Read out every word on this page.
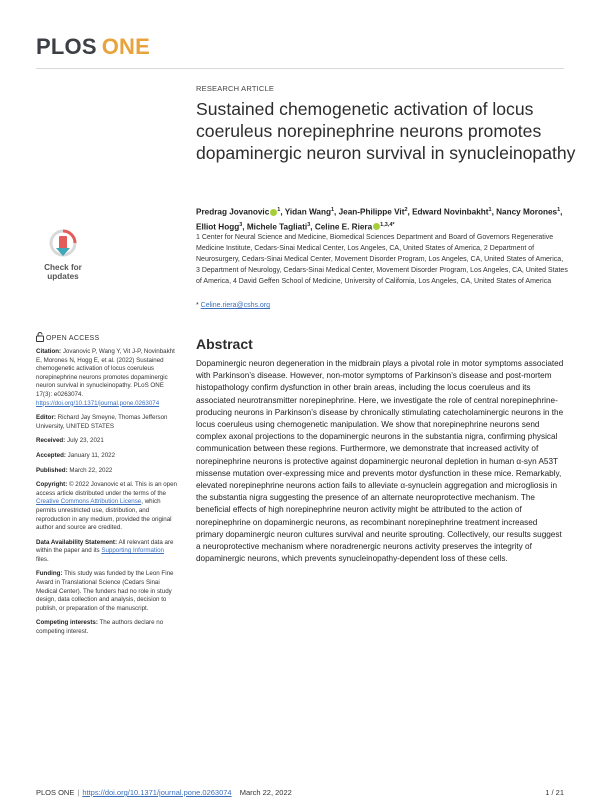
PLOS ONE
RESEARCH ARTICLE
Sustained chemogenetic activation of locus coeruleus norepinephrine neurons promotes dopaminergic neuron survival in synucleinopathy
Predrag Jovanovic $^1$, Yidan Wang$^1$, Jean-Philippe Vit$^2$, Edward Novinbakht$^1$, Nancy Morones$^1$, Elliot Hogg$^3$, Michele Tagliati$^3$, Celine E. Riera $^{1,3,4*}$
1 Center for Neural Science and Medicine, Biomedical Sciences Department and Board of Governors Regenerative Medicine Institute, Cedars-Sinai Medical Center, Los Angeles, CA, United States of America, 2 Department of Neurosurgery, Cedars-Sinai Medical Center, Movement Disorder Program, Los Angeles, CA, United States of America, 3 Department of Neurology, Cedars-Sinai Medical Center, Movement Disorder Program, Los Angeles, CA, United States of America, 4 David Geffen School of Medicine, University of California, Los Angeles, CA, United States of America
* Celine.riera@cshs.org
Check for
updates
OPEN ACCESS

Citation: Jovanovic P, Wang Y, Vit J-P, Novinbakht E, Morones N, Hogg E, et al. (2022) Sustained chemogenetic activation of locus coeruleus norepinephrine neurons promotes dopaminergic neuron survival in synucleinopathy. PLoS ONE 17(3): e0263074. https://doi.org/10.1371/journal.pone.0263074

Editor: Richard Jay Smeyne, Thomas Jefferson University, UNITED STATES

Received: July 23, 2021

Accepted: January 11, 2022

Published: March 22, 2022

Copyright: © 2022 Jovanovic et al. This is an open access article distributed under the terms of the Creative Commons Attribution License, which permits unrestricted use, distribution, and reproduction in any medium, provided the original author and source are credited.

Data Availability Statement: All relevant data are within the paper and its Supporting Information files.

Funding: This study was funded by the Leon Fine Award in Translational Science (Cedars Sinai Medical Center). The funders had no role in study design, data collection and analysis, decision to publish, or preparation of the manuscript.

Competing interests: The authors declare no competing interest.

Abstract
Dopaminergic neuron degeneration in the midbrain plays a pivotal role in motor symptoms associated with Parkinson’s disease. However, non-motor symptoms of Parkinson’s disease and post-mortem histopathology confirm dysfunction in other brain areas, including the locus coeruleus and its associated neurotransmitter norepinephrine. Here, we investigate the role of central norepinephrine-producing neurons in Parkinson’s disease by chronically stimulating catecholaminergic neurons in the locus coeruleus using chemogenetic manipulation. We show that norepinephrine neurons send complex axonal projections to the dopaminergic neurons in the substantia nigra, confirming physical communication between these regions. Furthermore, we demonstrate that increased activity of norepinephrine neurons is protective against dopaminergic neuronal depletion in human α-syn A53T missense mutation over-expressing mice and prevents motor dysfunction in these mice. Remarkably, elevated norepinephrine neurons action fails to alleviate α-synuclein aggregation and microgliosis in the substantia nigra suggesting the presence of an alternate neuroprotective mechanism. The beneficial effects of high norepinephrine neuron activity might be attributed to the action of norepinephrine on dopaminergic neurons, as recombinant norepinephrine treatment increased primary dopaminergic neuron cultures survival and neurite sprouting. Collectively, our results suggest a neuroprotective mechanism where noradrenergic neurons activity preserves the integrity of dopaminergic neurons, which prevents synucleinopathy-dependent loss of these cells.
PLOS ONE | https://doi.org/10.1371/journal.pone.0263074 March 22, 2022	1 / 21
